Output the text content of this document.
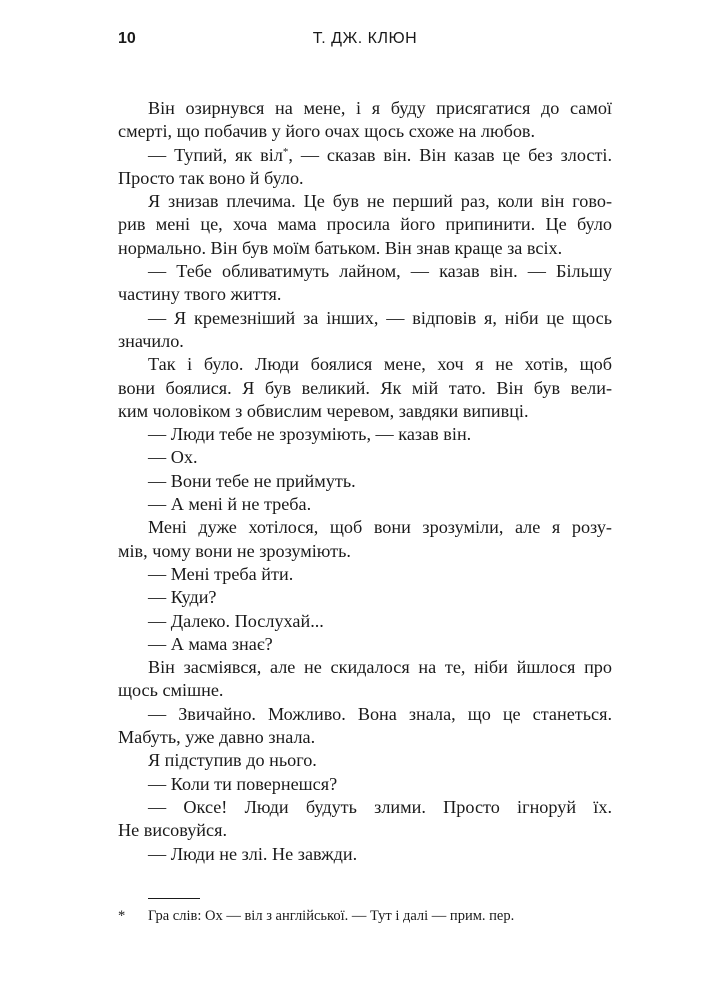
10	Т. ДЖ. КЛЮН
Він озирнувся на мене, і я буду присягатися до самої
смерті, що побачив у його очах щось схоже на любов.
— Тупий, як віл*, — сказав він. Він казав це без злості.
Просто так воно й було.
Я знизав плечима. Це був не перший раз, коли він гово-
рив мені це, хоча мама просила його припинити. Це було
нормально. Він був моїм батьком. Він знав краще за всіх.
— Тебе обливатимуть лайном, — казав він. — Більшу
частину твого життя.
— Я кремезніший за інших, — відповів я, ніби це щось
значило.
Так і було. Люди боялися мене, хоч я не хотів, щоб
вони боялися. Я був великий. Як мій тато. Він був вели-
ким чоловіком з обвислим черевом, завдяки випивці.
— Люди тебе не зрозуміють, — казав він.
— Ох.
— Вони тебе не приймуть.
— А мені й не треба.
Мені дуже хотілося, щоб вони зрозуміли, але я розу-
мів, чому вони не зрозуміють.
— Мені треба йти.
— Куди?
— Далеко. Послухай...
— А мама знає?
Він засміявся, але не скидалося на те, ніби йшлося про
щось смішне.
— Звичайно. Можливо. Вона знала, що це станеться.
Мабуть, уже давно знала.
Я підступив до нього.
— Коли ти повернешся?
— Оксе! Люди будуть злими. Просто ігноруй їх.
Не висовуйся.
— Люди не злі. Не завжди.
* Гра слів: Ох — віл з англійської. — Тут і далі — прим. пер.
